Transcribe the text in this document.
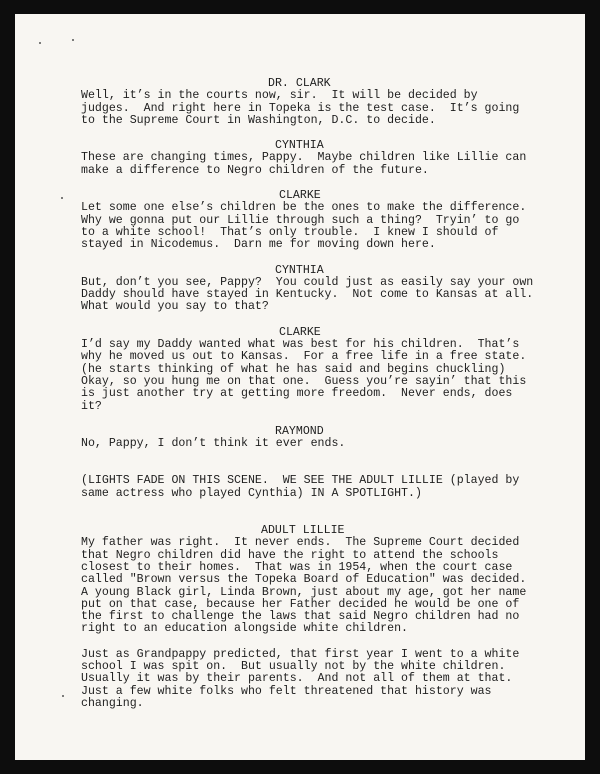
DR. CLARK
Well, it’s in the courts now, sir.  It will be decided by
judges.  And right here in Topeka is the test case.  It’s going
to the Supreme Court in Washington, D.C. to decide.
CYNTHIA
These are changing times, Pappy.  Maybe children like Lillie can
make a difference to Negro children of the future.
CLARKE
Let some one else’s children be the ones to make the difference.
Why we gonna put our Lillie through such a thing?  Tryin’ to go
to a white school!  That’s only trouble.  I knew I should of
stayed in Nicodemus.  Darn me for moving down here.
CYNTHIA
But, don’t you see, Pappy?  You could just as easily say your own
Daddy should have stayed in Kentucky.  Not come to Kansas at all.
What would you say to that?
CLARKE
I’d say my Daddy wanted what was best for his children.  That’s
why he moved us out to Kansas.  For a free life in a free state.
(he starts thinking of what he has said and begins chuckling)
Okay, so you hung me on that one.  Guess you’re sayin’ that this
is just another try at getting more freedom.  Never ends, does
it?
RAYMOND
No, Pappy, I don’t think it ever ends.
(LIGHTS FADE ON THIS SCENE.  WE SEE THE ADULT LILLIE (played by
same actress who played Cynthia) IN A SPOTLIGHT.)
ADULT LILLIE
My father was right.  It never ends.  The Supreme Court decided
that Negro children did have the right to attend the schools
closest to their homes.  That was in 1954, when the court case
called "Brown versus the Topeka Board of Education" was decided.
A young Black girl, Linda Brown, just about my age, got her name
put on that case, because her Father decided he would be one of
the first to challenge the laws that said Negro children had no
right to an education alongside white children.
Just as Grandpappy predicted, that first year I went to a white
school I was spit on.  But usually not by the white children.
Usually it was by their parents.  And not all of them at that.
Just a few white folks who felt threatened that history was
changing.
